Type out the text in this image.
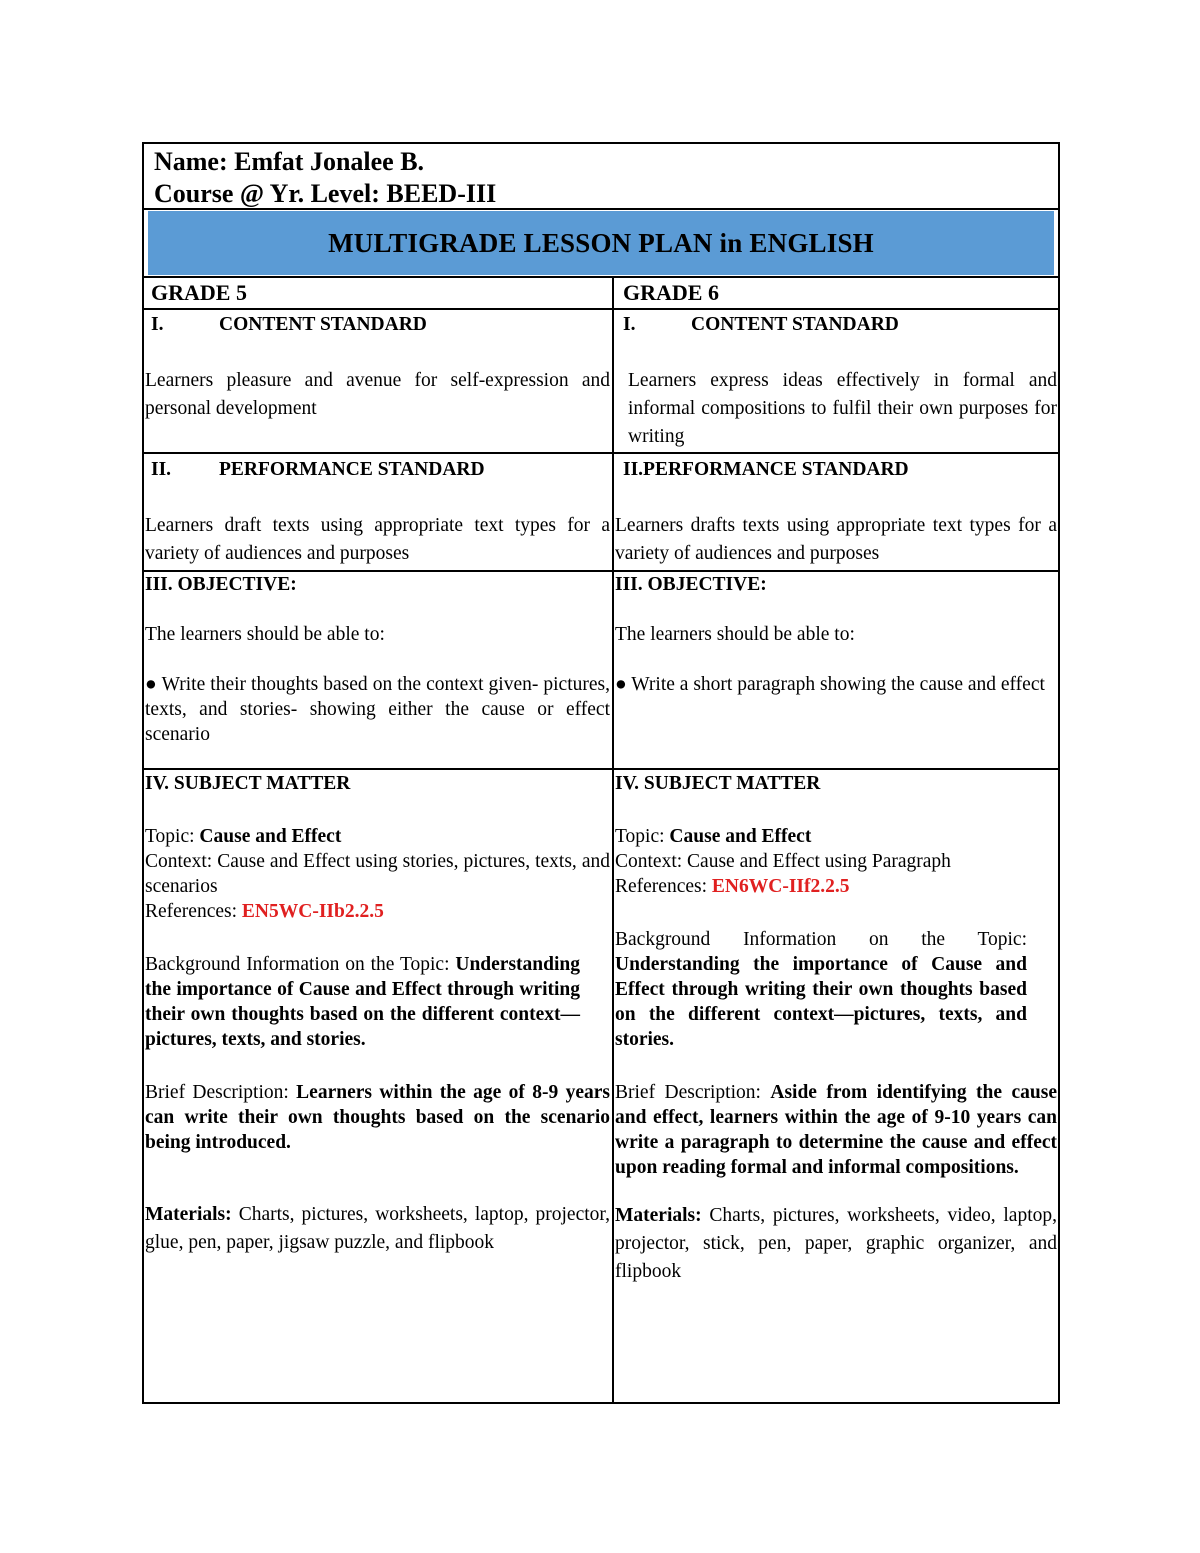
Name: Emfat Jonalee B.
Course @ Yr. Level: BEED-III
MULTIGRADE LESSON PLAN in ENGLISH
GRADE 5	GRADE 6
I.	CONTENT STANDARD
Learners pleasure and avenue for self-expression and personal development
I.	CONTENT STANDARD
Learners express ideas effectively in formal and informal compositions to fulfil their own purposes for writing
II. PERFORMANCE STANDARD
Learners draft texts using appropriate text types for a variety of audiences and purposes
II.PERFORMANCE STANDARD
Learners drafts texts using appropriate text types for a variety of audiences and purposes
III. OBJECTIVE:
The learners should be able to:
● Write their thoughts based on the context given- pictures, texts, and stories- showing either the cause or effect scenario
III. OBJECTIVE:
The learners should be able to:
● Write a short paragraph showing the cause and effect
IV. SUBJECT MATTER
Topic: Cause and Effect
Context: Cause and Effect using stories, pictures, texts, and scenarios
References: EN5WC-IIb2.2.5
Background Information on the Topic: Understanding the importance of Cause and Effect through writing their own thoughts based on the different context—pictures, texts, and stories.
Brief Description: Learners within the age of 8-9 years can write their own thoughts based on the scenario being introduced.
Materials: Charts, pictures, worksheets, laptop, projector, glue, pen, paper, jigsaw puzzle, and flipbook
IV. SUBJECT MATTER
Topic: Cause and Effect
Context: Cause and Effect using Paragraph
References: EN6WC-IIf2.2.5
Background Information on the Topic: Understanding the importance of Cause and Effect through writing their own thoughts based on the different context—pictures, texts, and stories.
Brief Description: Aside from identifying the cause and effect, learners within the age of 9-10 years can write a paragraph to determine the cause and effect upon reading formal and informal compositions.
Materials: Charts, pictures, worksheets, video, laptop, projector, stick, pen, paper, graphic organizer, and flipbook
